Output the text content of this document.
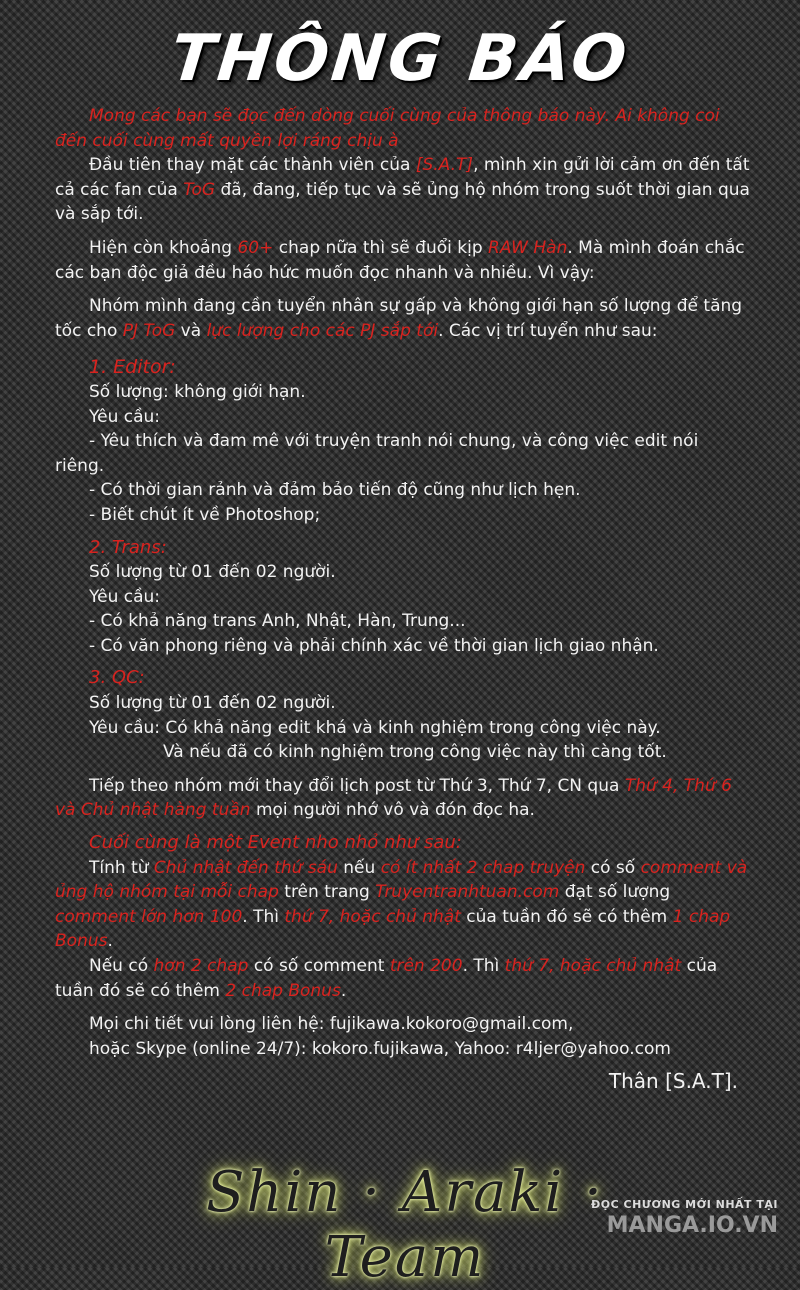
THÔNG BÁO

Mong các bạn sẽ đọc đến dòng cuối cùng của thông báo này. Ai không coi đến cuối cùng mất quyền lợi ráng chịu à

Đầu tiên thay mặt các thành viên của [S.A.T], mình xin gửi lời cảm ơn đến tất cả các fan của ToG đã, đang, tiếp tục và sẽ ủng hộ nhóm trong suốt thời gian qua và sắp tới.

Hiện còn khoảng 60+ chap nữa thì sẽ đuổi kịp RAW Hàn. Mà mình đoán chắc các bạn độc giả đều háo hức muốn đọc nhanh và nhiều. Vì vậy:

Nhóm mình đang cần tuyển nhân sự gấp và không giới hạn số lượng để tăng tốc cho PJ ToG và lực lượng cho các PJ sắp tới. Các vị trí tuyển như sau:

1. Editor:

Số lượng: không giới hạn.

Yêu cầu:

- Yêu thích và đam mê với truyện tranh nói chung, và công việc edit nói riêng.

- Có thời gian rảnh và đảm bảo tiến độ cũng như lịch hẹn.

- Biết chút ít về Photoshop;

2. Trans:

Số lượng từ 01 đến 02 người.

Yêu cầu:

- Có khả năng trans Anh, Nhật, Hàn, Trung...

- Có văn phong riêng và phải chính xác về thời gian lịch giao nhận.

3. QC:

Số lượng từ 01 đến 02 người.

Yêu cầu: Có khả năng edit khá và kinh nghiệm trong công việc này.

Và nếu đã có kinh nghiệm trong công việc này thì càng tốt.

Tiếp theo nhóm mới thay đổi lịch post từ Thứ 3, Thứ 7, CN qua Thứ 4, Thứ 6 và Chủ nhật hàng tuần mọi người nhớ vô và đón đọc ha.

Cuối cùng là một Event nho nhỏ như sau:

Tính từ Chủ nhật đến thứ sáu nếu có ít nhất 2 chap truyện có số comment và ủng hộ nhóm tại mỗi chap trên trang Truyentranhtuan.com đạt số lượng comment lớn hơn 100. Thì thứ 7, hoặc chủ nhật của tuần đó sẽ có thêm 1 chap Bonus.

Nếu có hơn 2 chap có số comment trên 200. Thì thứ 7, hoặc chủ nhật của tuần đó sẽ có thêm 2 chap Bonus.

Mọi chi tiết vui lòng liên hệ: fujikawa.kokoro@gmail.com,

hoặc Skype (online 24/7): kokoro.fujikawa, Yahoo: r4ljer@yahoo.com

Thân [S.A.T].

Shin · Araki · Team
ĐỌC CHƯƠNG MỚI NHẤT TẠI
MANGA.IO.VN
